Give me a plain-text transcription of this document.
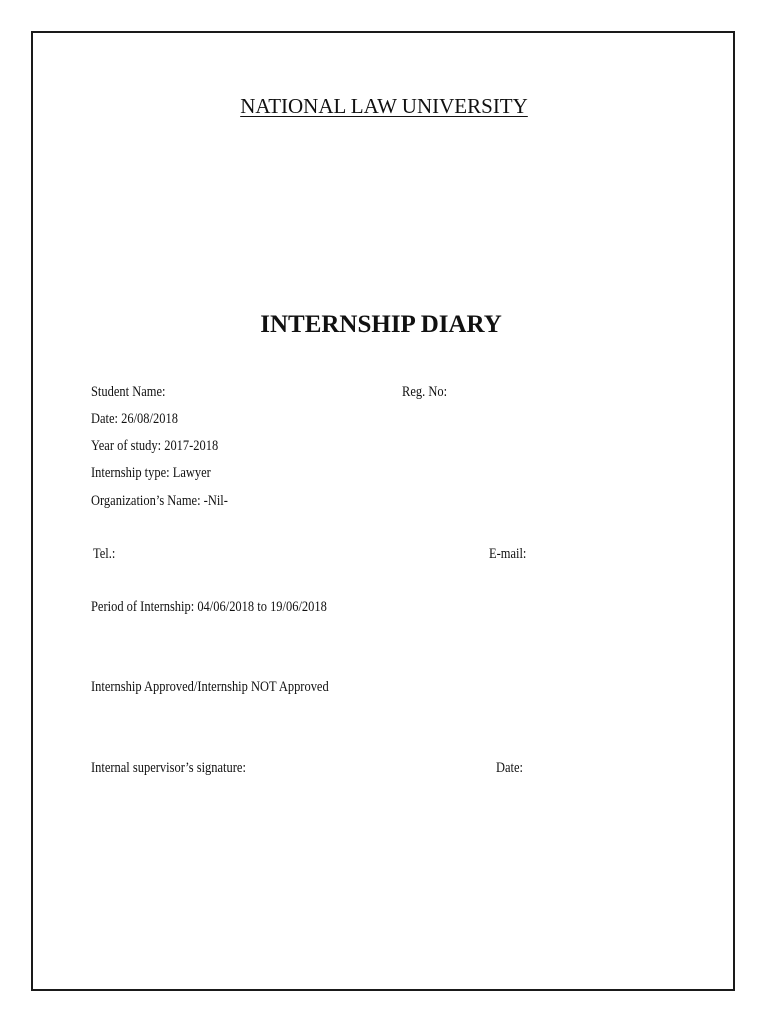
NATIONAL LAW UNIVERSITY
INTERNSHIP DIARY
Student Name:	Reg. No:
Date: 26/08/2018
Year of study: 2017-2018
Internship type: Lawyer
Organization’s Name: -Nil-
Tel.:	E-mail:
Period of Internship: 04/06/2018 to 19/06/2018
Internship Approved/Internship NOT Approved
Internal supervisor’s signature:	Date:
